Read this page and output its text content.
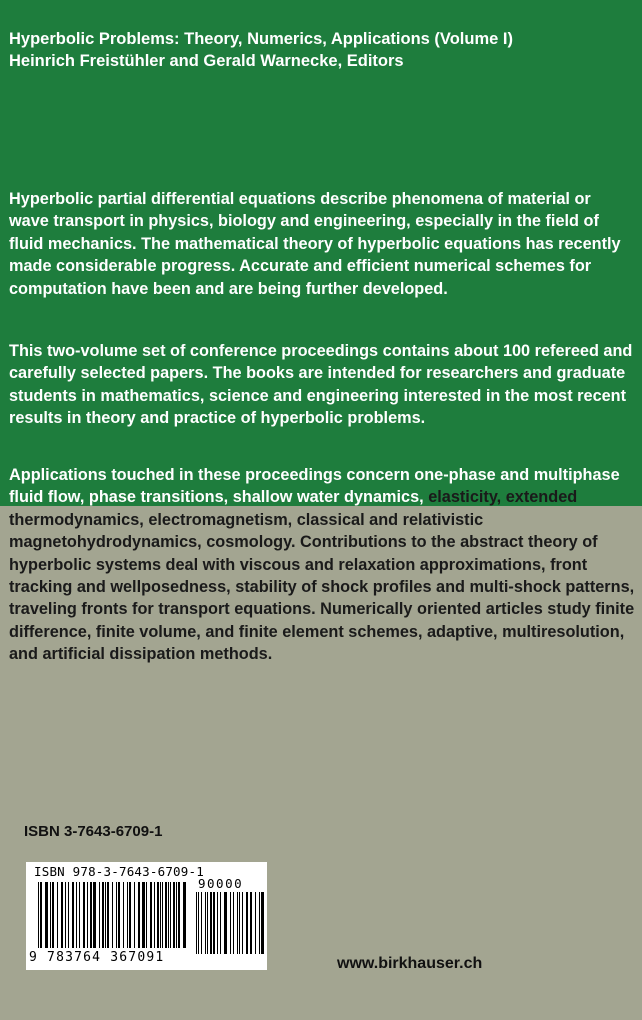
Hyperbolic Problems: Theory, Numerics, Applications (Volume I)
Heinrich Freistühler and Gerald Warnecke, Editors

Hyperbolic partial differential equations describe phenomena of material or wave transport in physics, biology and engineering, especially in the field of fluid mechanics. The mathematical theory of hyperbolic equations has recently made considerable progress. Accurate and efficient numerical schemes for computation have been and are being further developed.

This two-volume set of conference proceedings contains about 100 refereed and carefully selected papers. The books are intended for researchers and graduate students in mathematics, science and engineering interested in the most recent results in theory and practice of hyperbolic problems.

Applications touched in these proceedings concern one-phase and multiphase fluid flow, phase transitions, shallow water dynamics, elasticity, extended thermodynamics, electromagnetism, classical and relativistic magnetohydrodynamics, cosmology. Contributions to the abstract theory of hyperbolic systems deal with viscous and relaxation approximations, front tracking and wellposedness, stability of shock profiles and multi-shock patterns, traveling fronts for transport equations. Numerically oriented articles study finite difference, finite volume, and finite element schemes, adaptive, multiresolution, and artificial dissipation methods.

ISBN 3-7643-6709-1
ISBN 978-3-7643-6709-1
90000
9 783764 367091	www.birkhauser.ch
